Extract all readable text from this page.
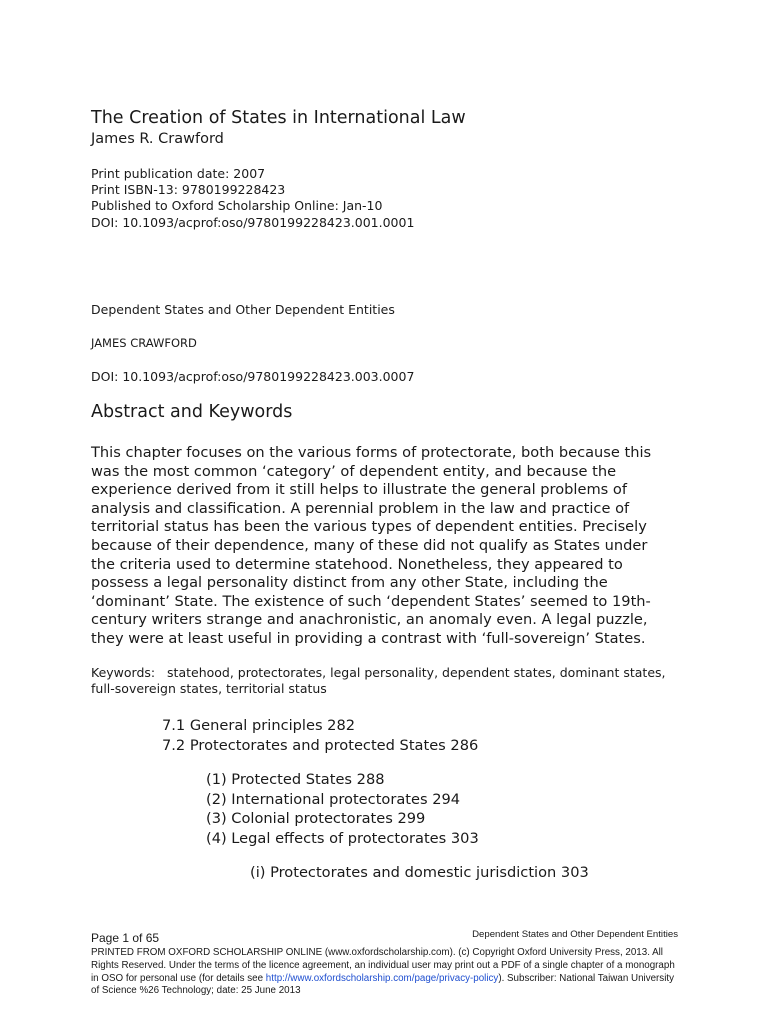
The Creation of States in International Law
James R. Crawford
Print publication date: 2007
Print ISBN-13: 9780199228423
Published to Oxford Scholarship Online: Jan-10
DOI: 10.1093/acprof:oso/9780199228423.001.0001
Dependent States and Other Dependent Entities
JAMES CRAWFORD
DOI: 10.1093/acprof:oso/9780199228423.003.0007
Abstract and Keywords

This chapter focuses on the various forms of protectorate, both because this was the most common ‘category’ of dependent entity, and because the experience derived from it still helps to illustrate the general problems of analysis and classification. A perennial problem in the law and practice of territorial status has been the various types of dependent entities. Precisely because of their dependence, many of these did not qualify as States under the criteria used to determine statehood. Nonetheless, they appeared to possess a legal personality distinct from any other State, including the ‘dominant’ State. The existence of such ‘dependent States’ seemed to 19th-century writers strange and anachronistic, an anomaly even. A legal puzzle, they were at least useful in providing a contrast with ‘full-sovereign’ States.

Keywords: statehood, protectorates, legal personality, dependent states, dominant states, full-sovereign states, territorial status

7.1 General principles 282
7.2 Protectorates and protected States 286
(1) Protected States 288
(2) International protectorates 294
(3) Colonial protectorates 299
(4) Legal effects of protectorates 303
(i) Protectorates and domestic jurisdiction 303
Page 1 of 65	Dependent States and Other Dependent Entities
PRINTED FROM OXFORD SCHOLARSHIP ONLINE (www.oxfordscholarship.com). (c) Copyright Oxford University Press, 2013. All Rights Reserved. Under the terms of the licence agreement, an individual user may print out a PDF of a single chapter of a monograph in OSO for personal use (for details see http://www.oxfordscholarship.com/page/privacy-policy). Subscriber: National Taiwan University of Science %26 Technology; date: 25 June 2013
